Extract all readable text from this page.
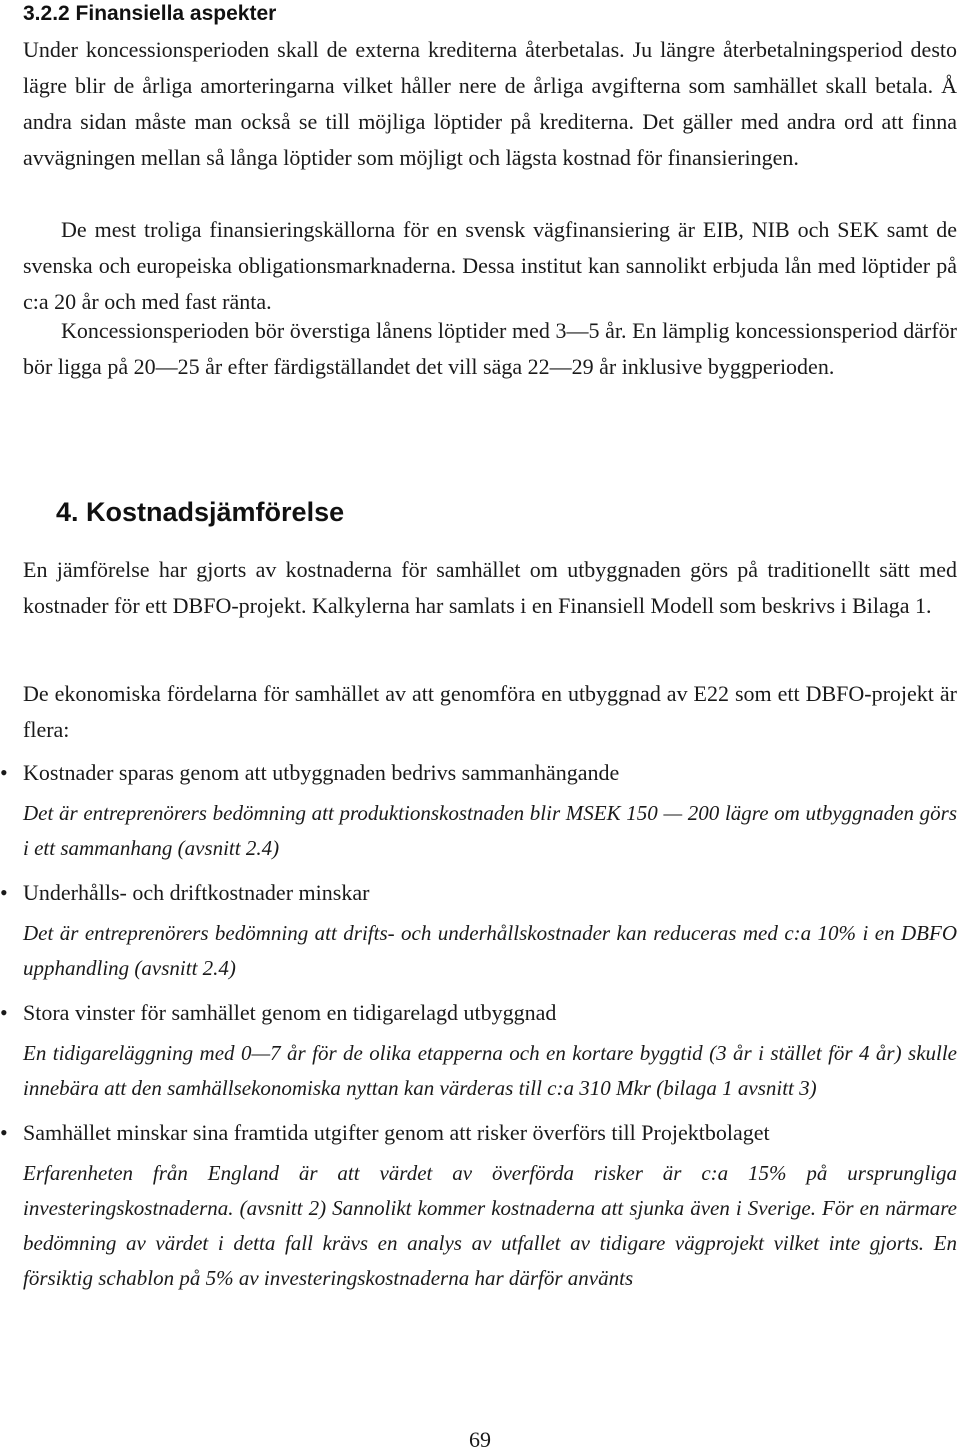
3.2.2 Finansiella aspekter

Under koncessionsperioden skall de externa krediterna återbetalas. Ju längre återbetalningsperiod desto lägre blir de årliga amorteringarna vilket håller nere de årliga avgifterna som samhället skall betala. Å andra sidan måste man också se till möjliga löptider på krediterna. Det gäller med andra ord att finna avvägningen mellan så långa löptider som möjligt och lägsta kostnad för finansieringen.

De mest troliga finansieringskällorna för en svensk vägfinansiering är EIB, NIB och SEK samt de svenska och europeiska obligationsmarknaderna. Dessa institut kan sannolikt erbjuda lån med löptider på c:a 20 år och med fast ränta.

Koncessionsperioden bör överstiga lånens löptider med 3—5 år. En lämplig koncessionsperiod därför bör ligga på 20—25 år efter färdigställandet det vill säga 22—29 år inklusive byggperioden.

4. Kostnadsjämförelse

En jämförelse har gjorts av kostnaderna för samhället om utbyggnaden görs på traditionellt sätt med kostnader för ett DBFO-projekt. Kalkylerna har samlats i en Finansiell Modell som beskrivs i Bilaga 1.

De ekonomiska fördelarna för samhället av att genomföra en utbyggnad av E22 som ett DBFO-projekt är flera:

• Kostnader sparas genom att utbyggnaden bedrivs sammanhängande

Det är entreprenörers bedömning att produktionskostnaden blir MSEK 150 — 200 lägre om utbyggnaden görs i ett sammanhang (avsnitt 2.4)

• Underhålls- och driftkostnader minskar

Det är entreprenörers bedömning att drifts- och underhållskostnader kan reduceras med c:a 10% i en DBFO upphandling (avsnitt 2.4)

• Stora vinster för samhället genom en tidigarelagd utbyggnad

En tidigareläggning med 0—7 år för de olika etapperna och en kortare byggtid (3 år i stället för 4 år) skulle innebära att den samhällsekonomiska nyttan kan värderas till c:a 310 Mkr (bilaga 1 avsnitt 3)

• Samhället minskar sina framtida utgifter genom att risker överförs till Projektbolaget

Erfarenheten från England är att värdet av överförda risker är c:a 15% på ursprungliga investeringskostnaderna. (avsnitt 2) Sannolikt kommer kostnaderna att sjunka även i Sverige. För en närmare bedömning av värdet i detta fall krävs en analys av utfallet av tidigare vägprojekt vilket inte gjorts. En försiktig schablon på 5% av investeringskostnaderna har därför använts

69
